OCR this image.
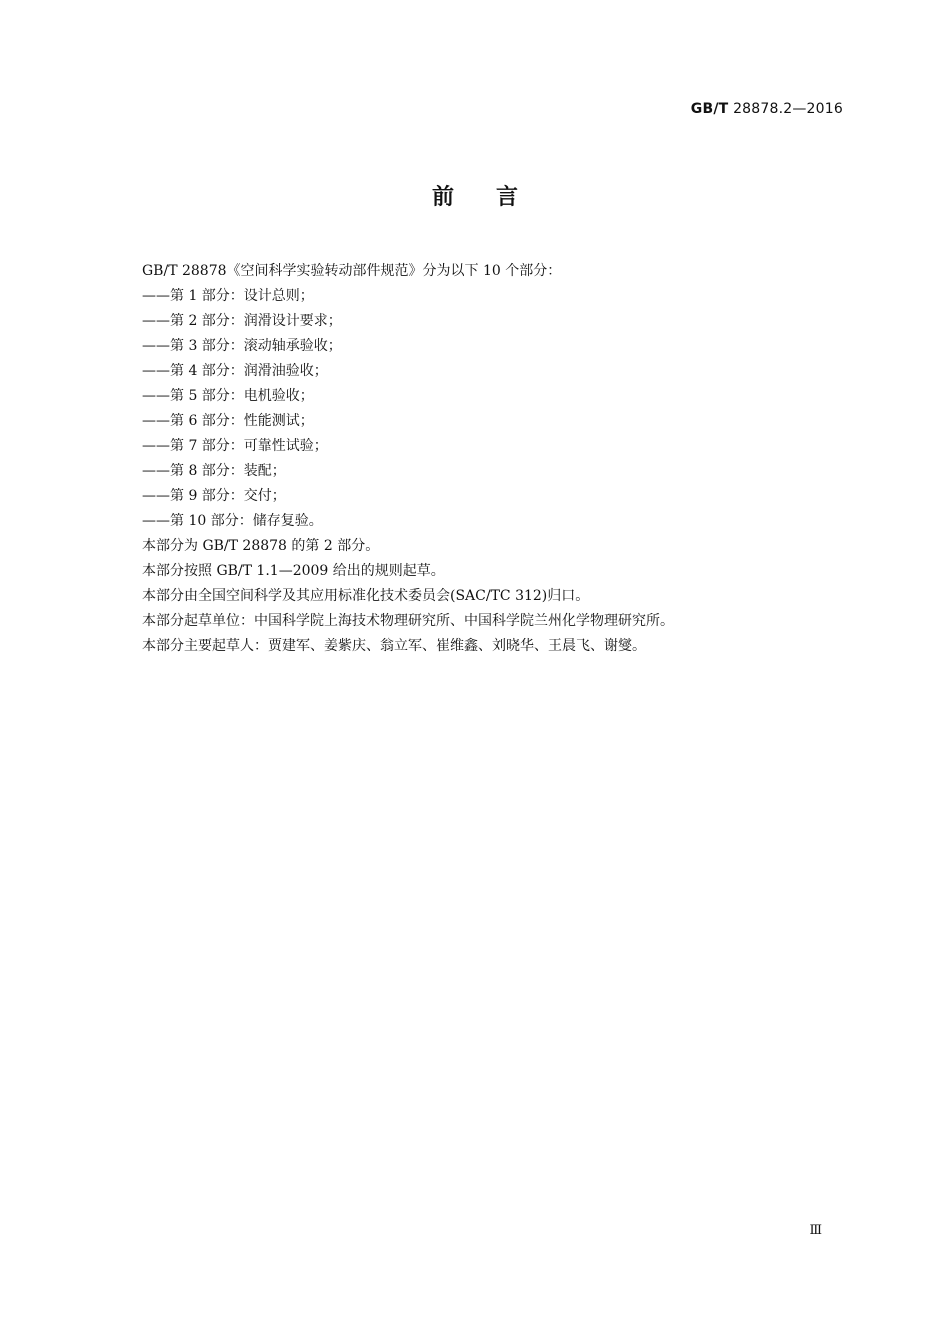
GB/T 28878.2—2016
前言
GB/T 28878《空间科学实验转动部件规范》分为以下 10 个部分：
——第 1 部分：设计总则；
——第 2 部分：润滑设计要求；
——第 3 部分：滚动轴承验收；
——第 4 部分：润滑油验收；
——第 5 部分：电机验收；
——第 6 部分：性能测试；
——第 7 部分：可靠性试验；
——第 8 部分：装配；
——第 9 部分：交付；
——第 10 部分：储存复验。
本部分为 GB/T 28878 的第 2 部分。
本部分按照 GB/T 1.1—2009 给出的规则起草。
本部分由全国空间科学及其应用标准化技术委员会(SAC/TC 312)归口。
本部分起草单位：中国科学院上海技术物理研究所、中国科学院兰州化学物理研究所。
本部分主要起草人：贾建军、姜紫庆、翁立军、崔维鑫、刘晓华、王晨飞、谢燮。
Ⅲ
